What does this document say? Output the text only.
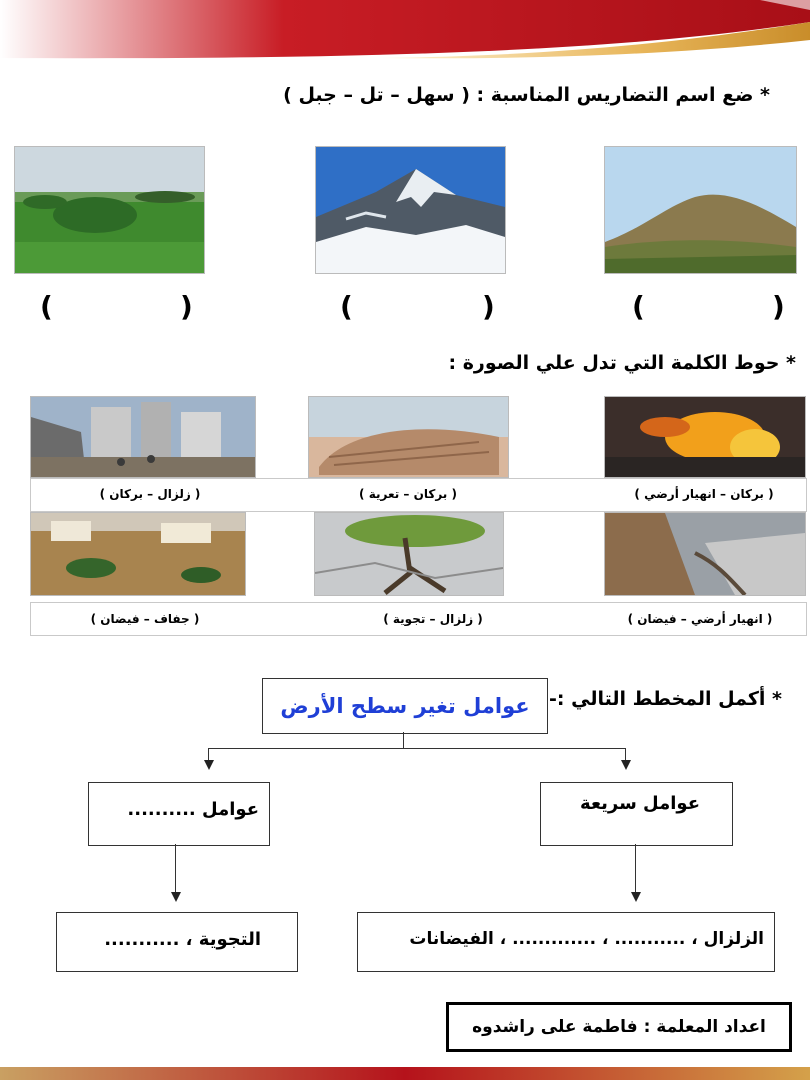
* ضع اسم التضاريس المناسبة : ( سهل – تل – جبل )
(	)	(	)	(	)
* حوط الكلمة التي تدل علي الصورة :
( بركان – انهيار أرضي )
( بركان – تعرية )
( زلزال – بركان )
( انهيار أرضي – فيضان )
( زلزال – تجوية )
( جفاف – فيضان )
* أكمل المخطط التالي :-
عوامل تغير سطح الأرض
عوامل ..........	عوامل سريعة
التجوية ، ...........	الزلزال ، ........... ، ............. ، الفيضانات
اعداد المعلمة : فاطمة على راشدوه
